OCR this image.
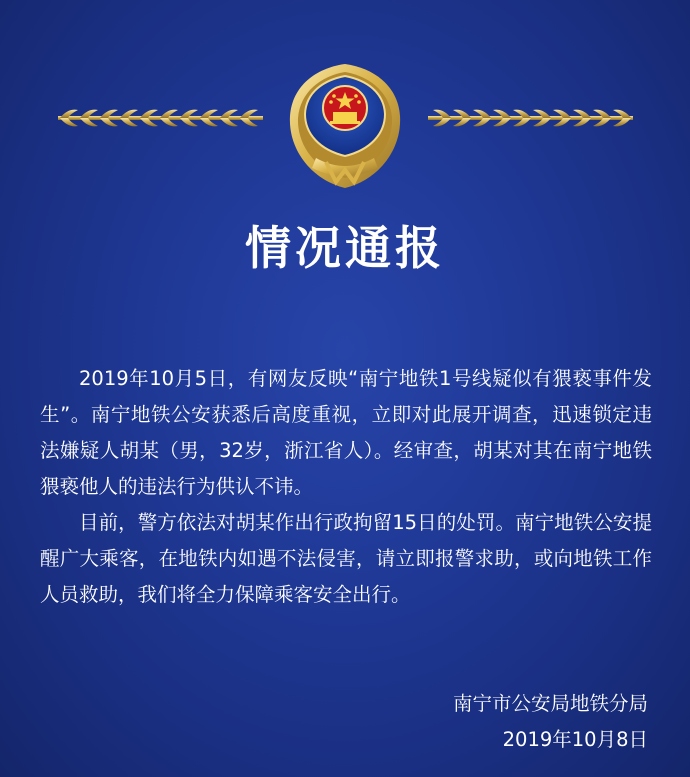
情况通报

2019年10月5日，有网友反映“南宁地铁1号线疑似有猥亵事件发生”。南宁地铁公安获悉后高度重视，立即对此展开调查，迅速锁定违法嫌疑人胡某（男，32岁，浙江省人）。经审查，胡某对其在南宁地铁猥亵他人的违法行为供认不讳。

目前，警方依法对胡某作出行政拘留15日的处罚。南宁地铁公安提醒广大乘客，在地铁内如遇不法侵害，请立即报警求助，或向地铁工作人员救助，我们将全力保障乘客安全出行。

南宁市公安局地铁分局
2019年10月8日
